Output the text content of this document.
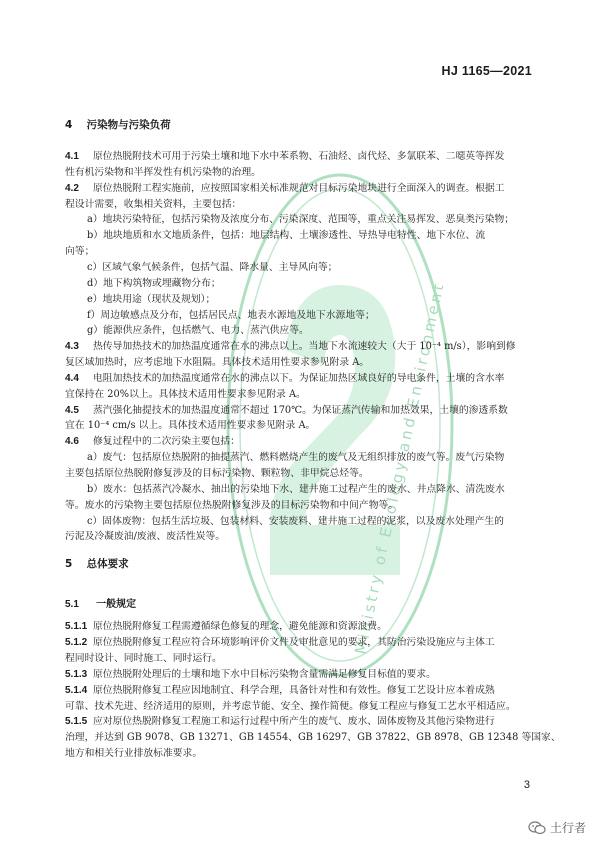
HJ 1165—2021
Ministry of Ecology and Environment
4 污染物与污染负荷
4.1 原位热脱附技术可用于污染土壤和地下水中苯系物、石油烃、卤代烃、多氯联苯、二噁英等挥发
性有机污染物和半挥发性有机污染物的治理。
4.2 原位热脱附工程实施前，应按照国家相关标准规范对目标污染地块进行全面深入的调查。根据工
程设计需要，收集相关资料，主要包括：
a）地块污染特征，包括污染物及浓度分布、污染深度、范围等，重点关注易挥发、恶臭类污染物；
b）地块地质和水文地质条件，包括：地层结构、土壤渗透性、导热导电特性、地下水位、流
向等；
c）区域气象气候条件，包括气温、降水量、主导风向等；
d）地下构筑物或埋藏物分布；
e）地块用途（现状及规划）；
f）周边敏感点及分布，包括居民点、地表水源地及地下水源地等；
g）能源供应条件，包括燃气、电力、蒸汽供应等。
4.3 热传导加热技术的加热温度通常在水的沸点以上。当地下水流速较大（大于 10⁻⁴ m/s），影响到修
复区域加热时，应考虑地下水阻隔。具体技术适用性要求参见附录 A。
4.4 电阻加热技术的加热温度通常在水的沸点以下。为保证加热区域良好的导电条件，土壤的含水率
宜保持在 20%以上。具体技术适用性要求参见附录 A。
4.5 蒸汽强化抽提技术的加热温度通常不超过 170℃。为保证蒸汽传输和加热效果，土壤的渗透系数
宜在 10⁻⁴ cm/s 以上。具体技术适用性要求参见附录 A。
4.6 修复过程中的二次污染主要包括：
a）废气：包括原位热脱附的抽提蒸汽、燃料燃烧产生的废气及无组织排放的废气等。废气污染物
主要包括原位热脱附修复涉及的目标污染物、颗粒物、非甲烷总烃等。
b）废水：包括蒸汽冷凝水、抽出的污染地下水、建井施工过程产生的废水、井点降水、清洗废水
等。废水的污染物主要包括原位热脱附修复涉及的目标污染物和中间产物等。
c）固体废物：包括生活垃圾、包装材料、安装废料、建井施工过程的泥浆，以及废水处理产生的
污泥及冷凝废油/废液、废活性炭等。
5 总体要求
5.1 一般规定
5.1.1 原位热脱附修复工程需遵循绿色修复的理念，避免能源和资源浪费。
5.1.2 原位热脱附修复工程应符合环境影响评价文件及审批意见的要求，其防治污染设施应与主体工
程同时设计、同时施工、同时运行。
5.1.3 原位热脱附处理后的土壤和地下水中目标污染物含量需满足修复目标值的要求。
5.1.4 原位热脱附修复工程应因地制宜、科学合理，具备针对性和有效性。修复工艺设计应本着成熟
可靠、技术先进、经济适用的原则，并考虑节能、安全、操作简便。修复工程应与修复工艺水平相适应。
5.1.5 应对原位热脱附修复工程施工和运行过程中所产生的废气、废水、固体废物及其他污染物进行
治理，并达到 GB 9078、GB 13271、GB 14554、GB 16297、GB 37822、GB 8978、GB 12348 等国家、
地方和相关行业排放标准要求。
3
土行者
